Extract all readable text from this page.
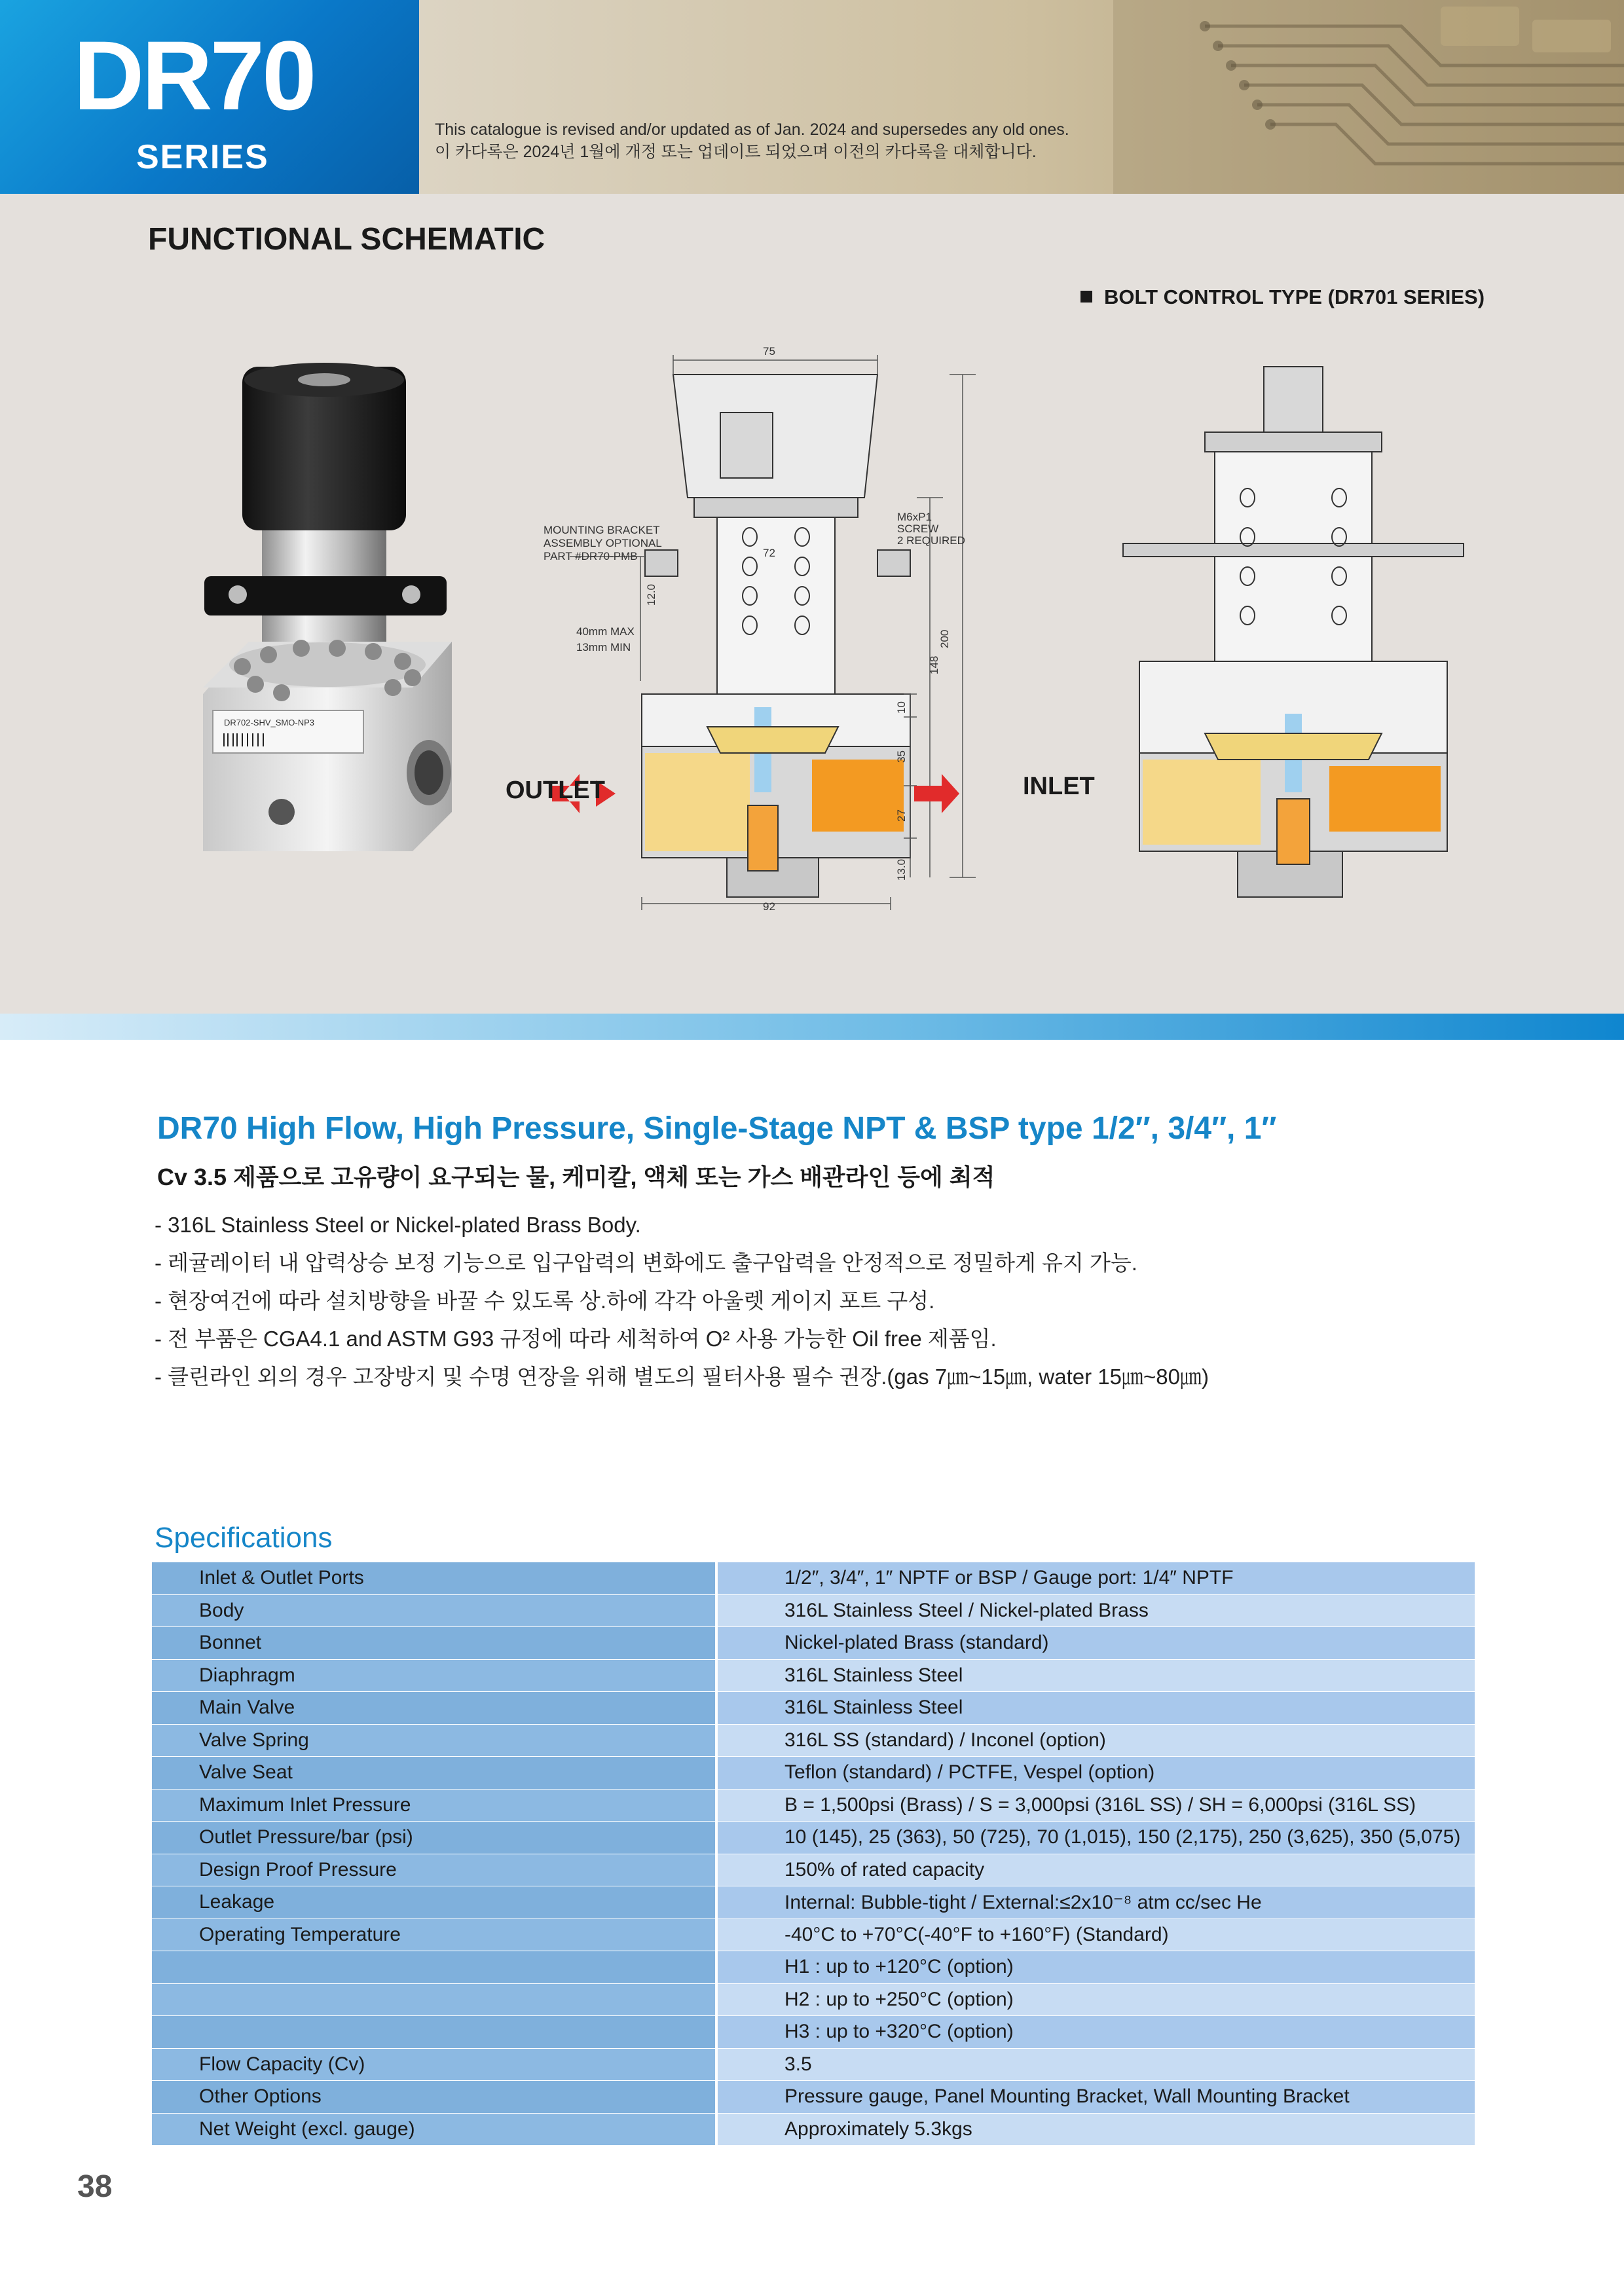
DR70
SERIES
This catalogue is revised and/or updated as of Jan. 2024 and supersedes any old ones.
이 카다록은 2024년 1월에 개정 또는 업데이트 되었으며 이전의 카다록을 대체합니다.
FUNCTIONAL SCHEMATIC
BOLT CONTROL TYPE (DR701 SERIES)
DR702-SHV_SMO-NP3
75
72
92
200
148
10
35
27
13.0
12.0
40mm MAX
13mm MIN
MOUNTING BRACKET
ASSEMBLY OPTIONAL
PART #DR70-PMB
M6xP1
SCREW
2 REQUIRED
OUTLET	INLET
DR70 High Flow, High Pressure, Single-Stage NPT & BSP type 1/2″, 3/4″, 1″
Cv 3.5 제품으로 고유량이 요구되는 물, 케미칼, 액체 또는 가스 배관라인 등에 최적
- 316L Stainless Steel or Nickel-plated Brass Body.
- 레귤레이터 내 압력상승 보정 기능으로 입구압력의 변화에도 출구압력을 안정적으로 정밀하게 유지 가능.
- 현장여건에 따라 설치방향을 바꿀 수 있도록 상.하에 각각 아울렛 게이지 포트 구성.
- 전 부품은 CGA4.1 and ASTM G93 규정에 따라 세척하여 O² 사용 가능한 Oil free 제품임.
- 클린라인 외의 경우 고장방지 및 수명 연장을 위해 별도의 필터사용 필수 권장.(gas 7㎛~15㎛, water 15㎛~80㎛)
Specifications
Inlet & Outlet Ports		1/2″, 3/4″, 1″ NPTF or BSP / Gauge port: 1/4″ NPTF
Body		316L Stainless Steel / Nickel-plated Brass
Bonnet		Nickel-plated Brass (standard)
Diaphragm		316L Stainless Steel
Main Valve		316L Stainless Steel
Valve Spring		316L SS (standard) / Inconel (option)
Valve Seat		Teflon (standard) / PCTFE, Vespel (option)
Maximum Inlet Pressure		B = 1,500psi (Brass) / S = 3,000psi (316L SS) / SH = 6,000psi (316L SS)
Outlet Pressure/bar (psi)		10 (145), 25 (363), 50 (725), 70 (1,015), 150 (2,175), 250 (3,625), 350 (5,075)
Design Proof Pressure		150% of rated capacity
Leakage		Internal: Bubble-tight / External:≤2x10⁻⁸ atm cc/sec He
Operating Temperature		-40°C to +70°C(-40°F to +160°F) (Standard)
		H1 : up to +120°C (option)
		H2 : up to +250°C (option)
		H3 : up to +320°C (option)
Flow Capacity (Cv)		3.5
Other Options		Pressure gauge, Panel Mounting Bracket, Wall Mounting Bracket
Net Weight (excl. gauge)		Approximately 5.3kgs
38
